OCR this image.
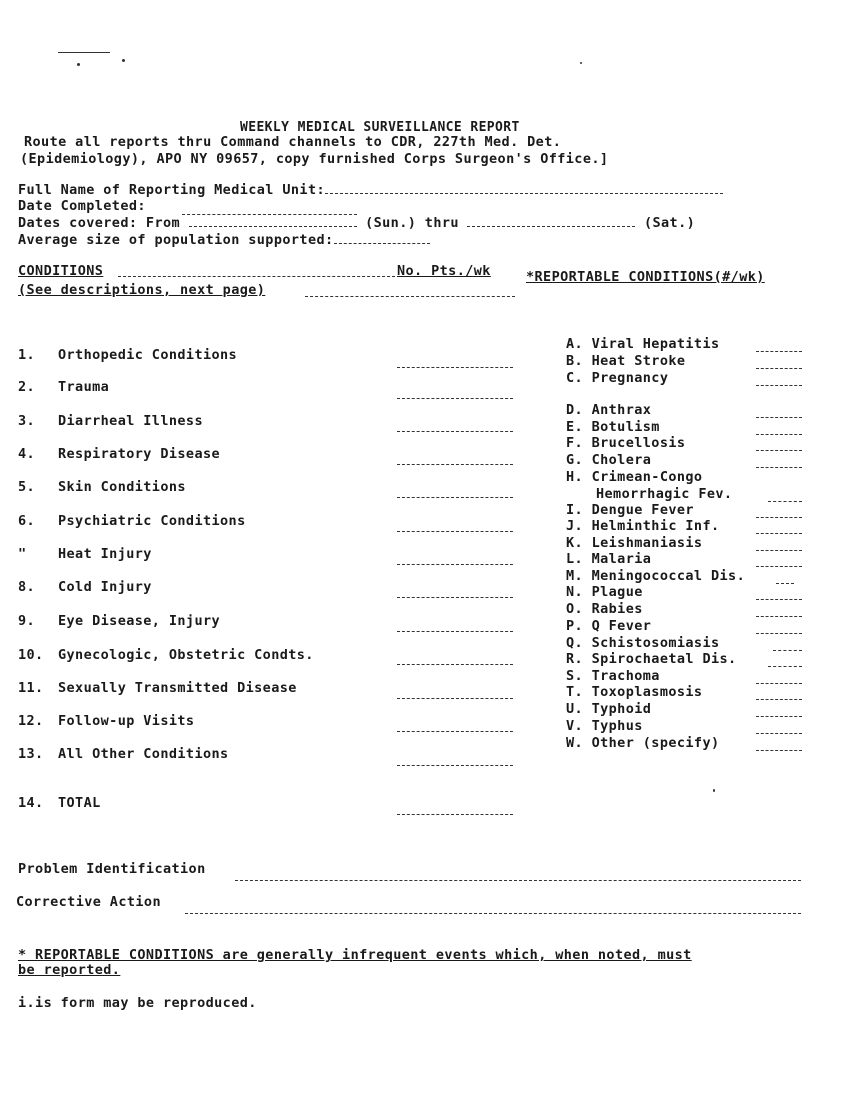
WEEKLY MEDICAL SURVEILLANCE REPORT
Route all reports thru Command channels to CDR, 227th Med. Det.
(Epidemiology), APO NY 09657, copy furnished Corps Surgeon's Office.]
Full Name of Reporting Medical Unit:
Date Completed:
Dates covered: From	(Sun.) thru	(Sat.)
Average size of population supported:
CONDITIONS	No. Pts./wk	*REPORTABLE CONDITIONS(#/wk)
(See descriptions, next page)
1. Orthopedic Conditions
2. Trauma
3. Diarrheal Illness
4. Respiratory Disease
5. Skin Conditions
6. Psychiatric Conditions
" Heat Injury
8. Cold Injury
9. Eye Disease, Injury
10. Gynecologic, Obstetric Condts.
11. Sexually Transmitted Disease
12. Follow-up Visits
13. All Other Conditions
14. TOTAL
A. Viral Hepatitis
B. Heat Stroke
C. Pregnancy
D. Anthrax
E. Botulism
F. Brucellosis
G. Cholera
H. Crimean-Congo
Hemorrhagic Fev.
I. Dengue Fever
J. Helminthic Inf.
K. Leishmaniasis
L. Malaria
M. Meningococcal Dis.
N. Plague
O. Rabies
P. Q Fever
Q. Schistosomiasis
R. Spirochaetal Dis.
S. Trachoma
T. Toxoplasmosis
U. Typhoid
V. Typhus
W. Other (specify)
Problem Identification
Corrective Action
* REPORTABLE CONDITIONS are generally infrequent events which, when noted, must
be reported.
i.is form may be reproduced.
